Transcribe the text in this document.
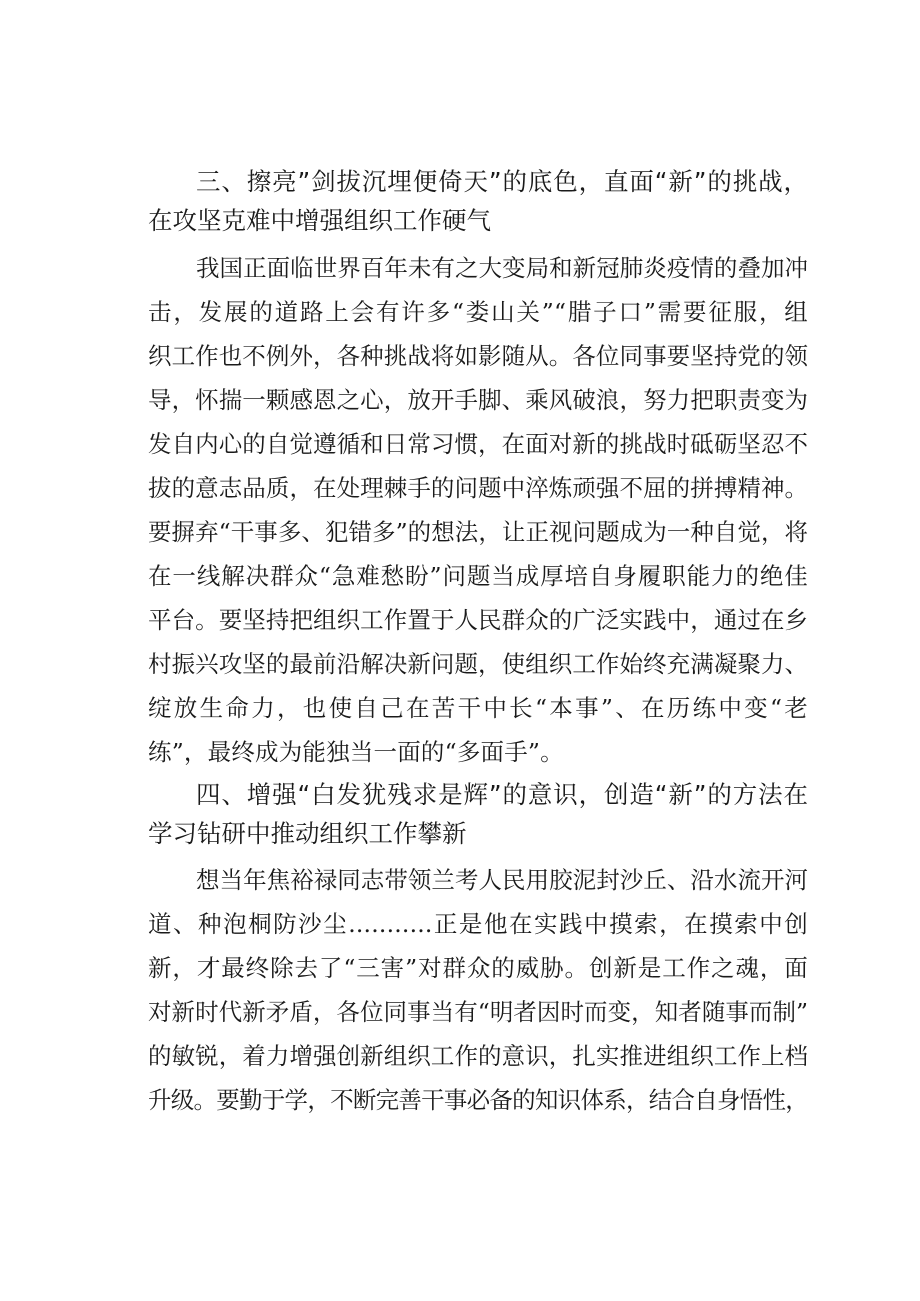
三、擦亮”剑拔沉埋便倚天”的底色，直面“新”的挑战，
在攻坚克难中增强组织工作硬气
我国正面临世界百年未有之大变局和新冠肺炎疫情的叠加冲
击，发展的道路上会有许多“娄山关”“腊子口”需要征服，组
织工作也不例外，各种挑战将如影随从。各位同事要坚持党的领
导，怀揣一颗感恩之心，放开手脚、乘风破浪，努力把职责变为
发自内心的自觉遵循和日常习惯，在面对新的挑战时砥砺坚忍不
拔的意志品质，在处理棘手的问题中淬炼顽强不屈的拼搏精神。
要摒弃“干事多、犯错多”的想法，让正视问题成为一种自觉，将
在一线解决群众“急难愁盼”问题当成厚培自身履职能力的绝佳
平台。要坚持把组织工作置于人民群众的广泛实践中，通过在乡
村振兴攻坚的最前沿解决新问题，使组织工作始终充满凝聚力、
绽放生命力，也使自己在苦干中长“本事”、在历练中变“老
练”，最终成为能独当一面的“多面手”。
四、增强“白发犹残求是辉”的意识，创造“新”的方法在
学习钻研中推动组织工作攀新
想当年焦裕禄同志带领兰考人民用胶泥封沙丘、沿水流开河
道、种泡桐防沙尘...........正是他在实践中摸索，在摸索中创
新，才最终除去了“三害”对群众的威胁。创新是工作之魂，面
对新时代新矛盾，各位同事当有“明者因时而变，知者随事而制”
的敏锐，着力增强创新组织工作的意识，扎实推进组织工作上档
升级。要勤于学，不断完善干事必备的知识体系，结合自身悟性，
